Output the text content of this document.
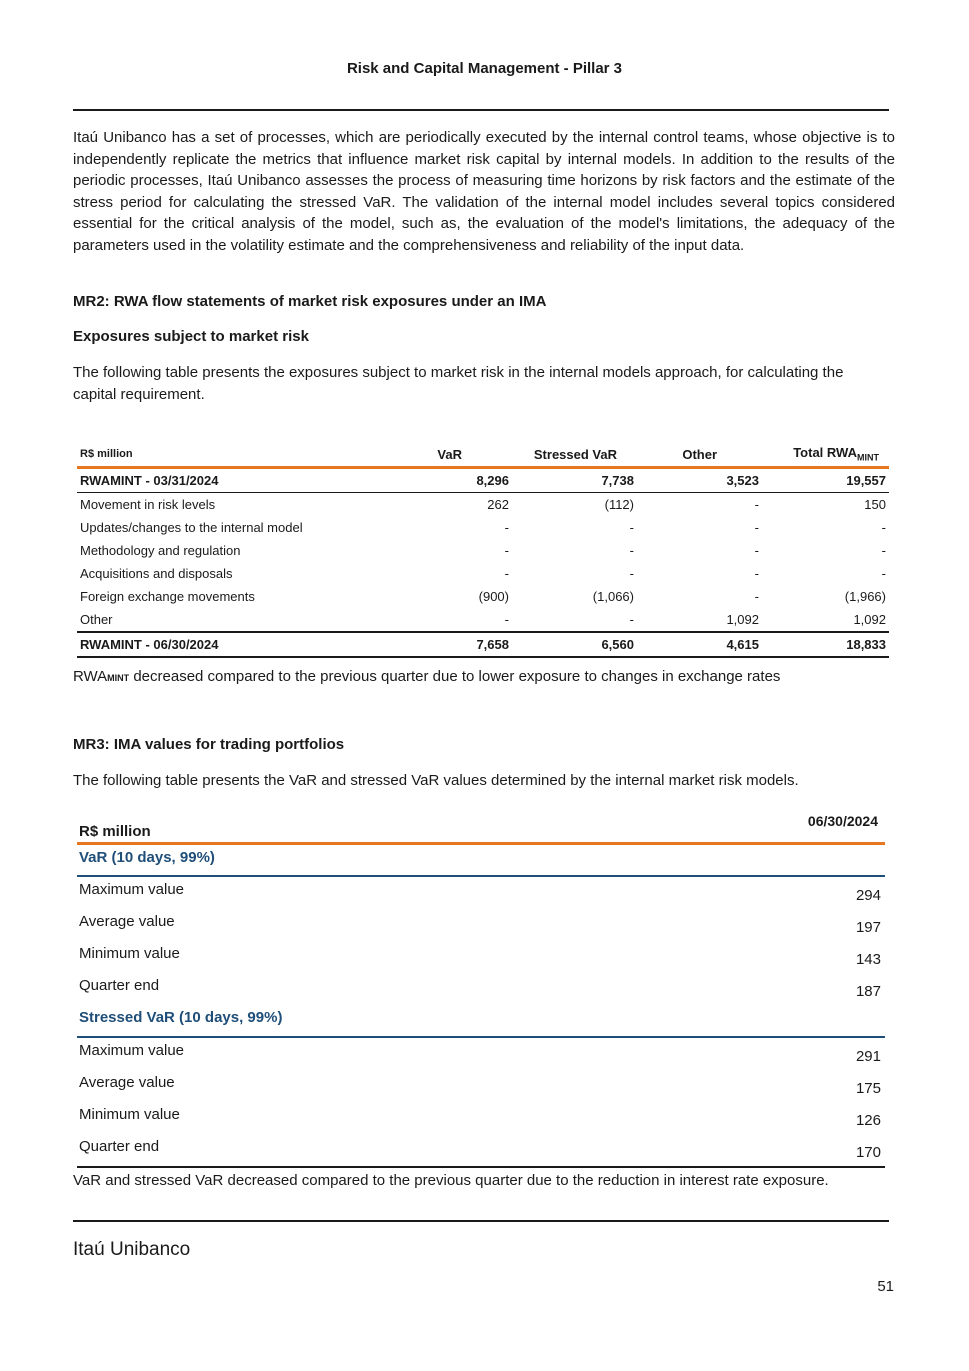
Risk and Capital Management - Pillar 3
Itaú Unibanco has a set of processes, which are periodically executed by the internal control teams, whose objective is to independently replicate the metrics that influence market risk capital by internal models. In addition to the results of the periodic processes, Itaú Unibanco assesses the process of measuring time horizons by risk factors and the estimate of the stress period for calculating the stressed VaR. The validation of the internal model includes several topics considered essential for the critical analysis of the model, such as, the evaluation of the model's limitations, the adequacy of the parameters used in the volatility estimate and the comprehensiveness and reliability of the input data.
MR2: RWA flow statements of market risk exposures under an IMA
Exposures subject to market risk
The following table presents the exposures subject to market risk in the internal models approach, for calculating the capital requirement.
R$ million	VaR	Stressed VaR	Other	Total $RWA_{MINT}$
RWAMINT - 03/31/2024	8,296	7,738	3,523	19,557
Movement in risk levels	262	(112)	-	150
Updates/changes to the internal model	-	-	-	-
Methodology and regulation	-	-	-	-
Acquisitions and disposals	-	-	-	-
Foreign exchange movements	(900)	(1,066)	-	(1,966)
Other	-	-	1,092	1,092
RWAMINT - 06/30/2024	7,658	6,560	4,615	18,833
RWAMINT decreased compared to the previous quarter due to lower exposure to changes in exchange rates
MR3: IMA values for trading portfolios
The following table presents the VaR and stressed VaR values determined by the internal market risk models.
R$ million
06/30/2024
VaR (10 days, 99%)
Maximum value	294
Average value	197
Minimum value	143
Quarter end	187
Stressed VaR (10 days, 99%)
Maximum value	291
Average value	175
Minimum value	126
Quarter end	170
VaR and stressed VaR decreased compared to the previous quarter due to the reduction in interest rate exposure.
Itaú Unibanco
51
